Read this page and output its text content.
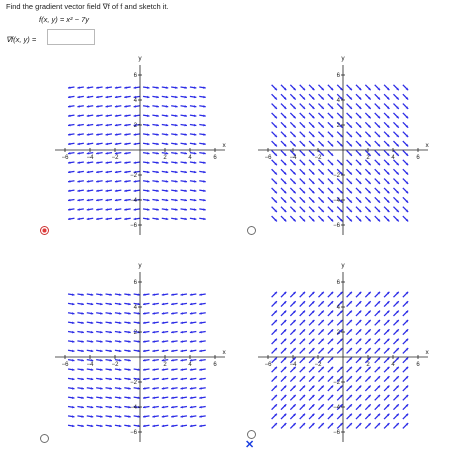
Find the gradient vector field ∇f of f and sketch it.
f(x, y) = x² − 7y
∇f(x, y) =
−6	−4	−2	2	4	6
6
4
2
−2
−4
−6
x
y
−6	−4	−2	2	4	6
6
4
2
−2
−4
−6
x
y
−6	−4	−2	2	4	6
6
4
2
−2
−4
−6
x
y
−6	−4	−2	2	4	6
6
4
2
−2
−4
−6
x
y
✕
